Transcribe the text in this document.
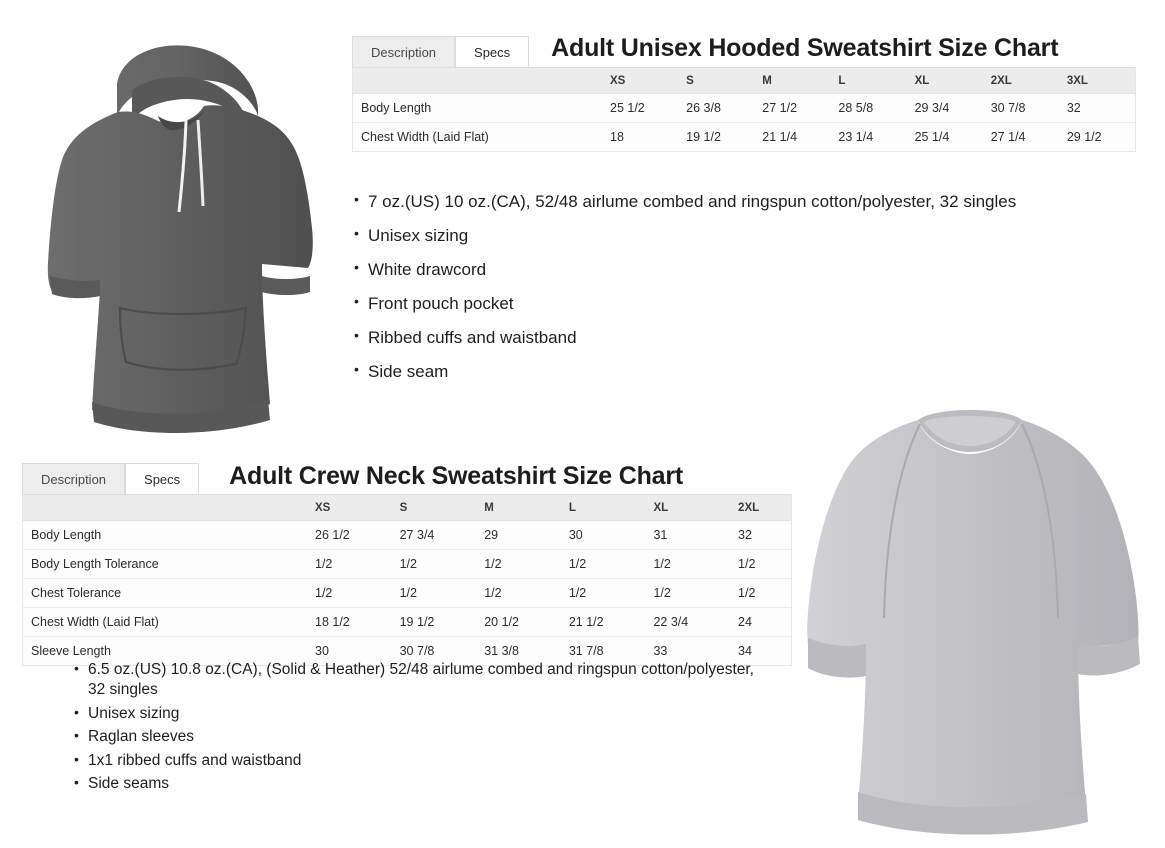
Description	Specs	Adult Unisex Hooded Sweatshirt Size Chart
	XS	S	M	L	XL	2XL	3XL
Body Length	25 1/2	26 3/8	27 1/2	28 5/8	29 3/4	30 7/8	32
Chest Width (Laid Flat)	18	19 1/2	21 1/4	23 1/4	25 1/4	27 1/4	29 1/2
• 7 oz.(US) 10 oz.(CA), 52/48 airlume combed and ringspun cotton/polyester, 32 singles
• Unisex sizing
• White drawcord
• Front pouch pocket
• Ribbed cuffs and waistband
• Side seam
Description	Specs	Adult Crew Neck Sweatshirt Size Chart
	XS	S	M	L	XL	2XL
Body Length	26 1/2	27 3/4	29	30	31	32
Body Length Tolerance	1/2	1/2	1/2	1/2	1/2	1/2
Chest Tolerance	1/2	1/2	1/2	1/2	1/2	1/2
Chest Width (Laid Flat)	18 1/2	19 1/2	20 1/2	21 1/2	22 3/4	24
Sleeve Length	30	30 7/8	31 3/8	31 7/8	33	34
• 6.5 oz.(US) 10.8 oz.(CA), (Solid & Heather) 52/48 airlume combed and ringspun cotton/polyester, 32 singles
• Unisex sizing
• Raglan sleeves
• 1x1 ribbed cuffs and waistband
• Side seams
